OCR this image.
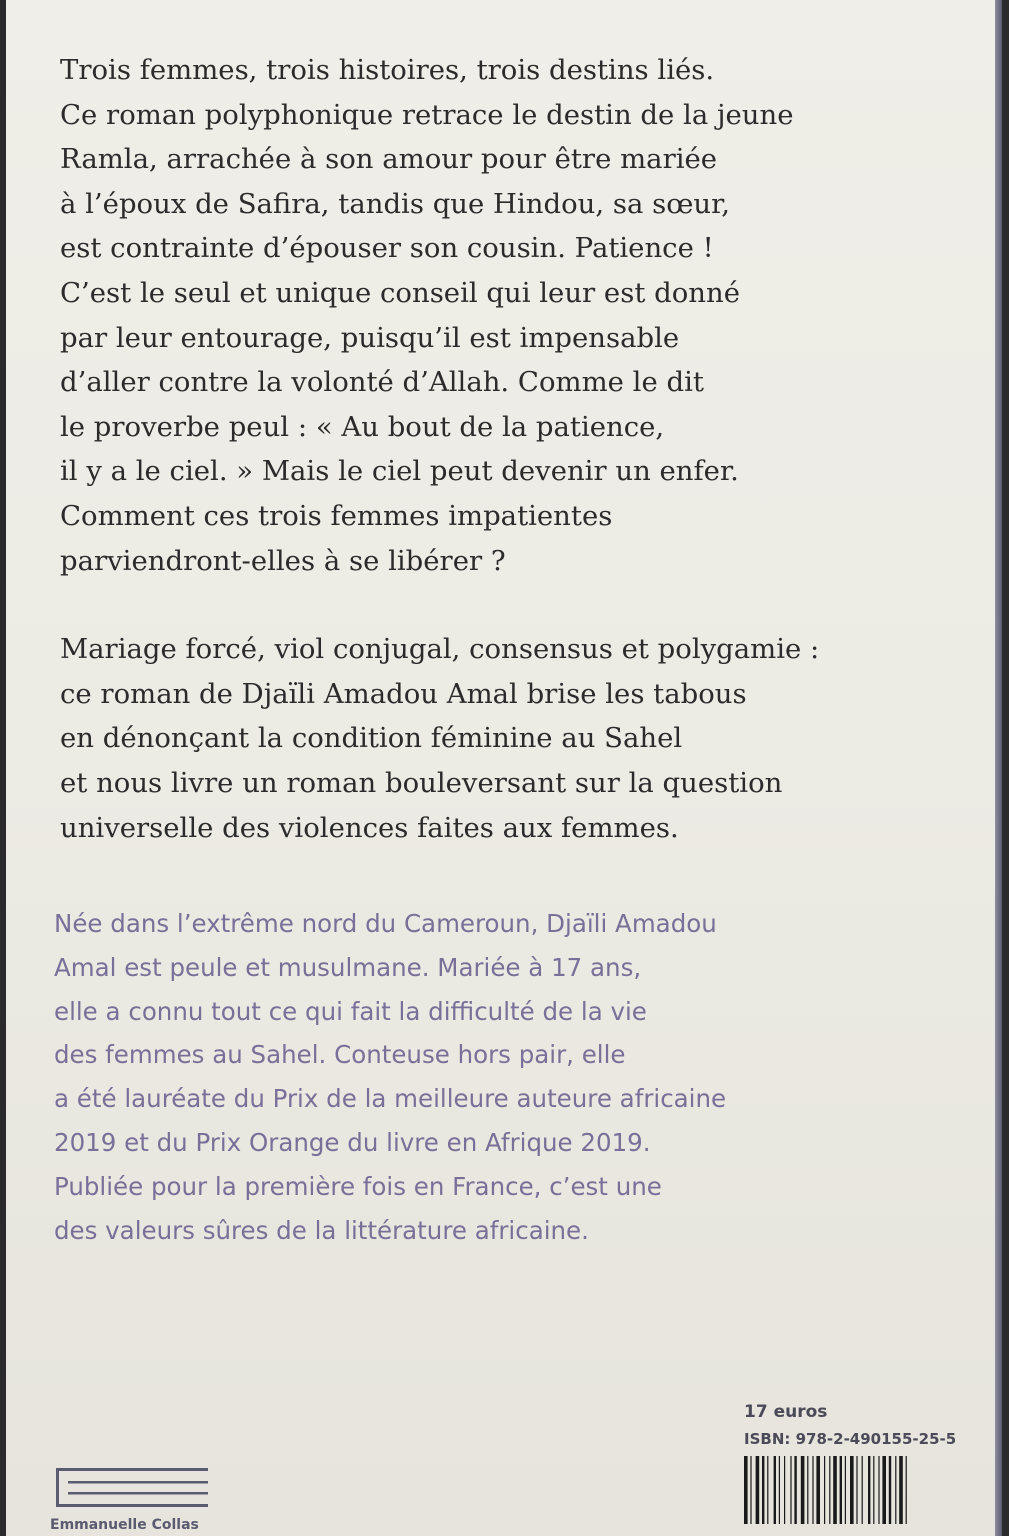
Trois femmes, trois histoires, trois destins liés.
Ce roman polyphonique retrace le destin de la jeune
Ramla, arrachée à son amour pour être mariée
à l’époux de Safira, tandis que Hindou, sa sœur,
est contrainte d’épouser son cousin. Patience !
C’est le seul et unique conseil qui leur est donné
par leur entourage, puisqu’il est impensable
d’aller contre la volonté d’Allah. Comme le dit
le proverbe peul : « Au bout de la patience,
il y a le ciel. » Mais le ciel peut devenir un enfer.
Comment ces trois femmes impatientes
parviendront-elles à se libérer ?

Mariage forcé, viol conjugal, consensus et polygamie :
ce roman de Djaïli Amadou Amal brise les tabous
en dénonçant la condition féminine au Sahel
et nous livre un roman bouleversant sur la question
universelle des violences faites aux femmes.

Née dans l’extrême nord du Cameroun, Djaïli Amadou
Amal est peule et musulmane. Mariée à 17 ans,
elle a connu tout ce qui fait la difficulté de la vie
des femmes au Sahel. Conteuse hors pair, elle
a été lauréate du Prix de la meilleure auteure africaine
2019 et du Prix Orange du livre en Afrique 2019.
Publiée pour la première fois en France, c’est une
des valeurs sûres de la littérature africaine.
17 euros
ISBN: 978-2-490155-25-5
Emmanuelle Collas
